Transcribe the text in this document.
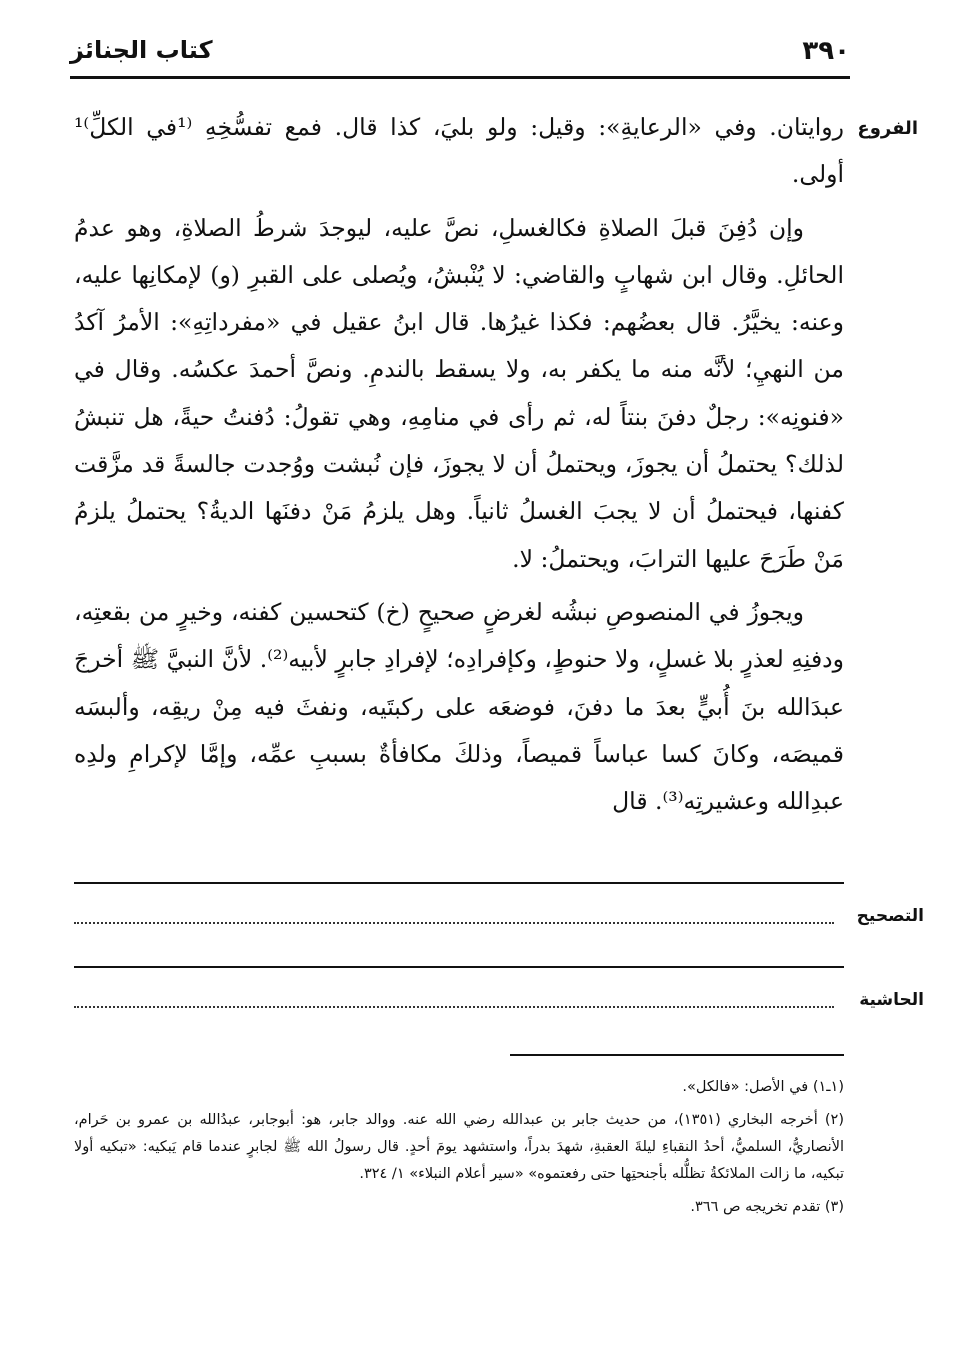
٣٩٠
كتاب الجنائز
الفروع

روايتان. وفي «الرعايةِ»: وقيل: ولو بليَ، كذا قال. فمع تفسُّخِهِ ⁽¹في الكلِّ⁾¹ أولى.

وإن دُفِنَ قبلَ الصلاةِ فكالغسلِ، نصَّ عليه، ليوجدَ شرطُ الصلاةِ، وهو عدمُ الحائلِ. وقال ابن شهابٍ والقاضي: لا يُنْبشُ، ويُصلى على القبرِ (و) لإمكانِها عليه، وعنه: يخيَّرُ. قال بعضُهم: فكذا غيرُها. قال ابنُ عقيل في «مفرداتِهِ»: الأمرُ آكدُ من النهيِ؛ لأنَّه منه ما يكفر به، ولا يسقط بالندمِ. ونصَّ أحمدَ عكسُه. وقال في «فنونِه»: رجلٌ دفنَ بنتاً له، ثم رأى في منامِهِ، وهي تقولُ: دُفنتُ حيةً، هل تنبشُ لذلك؟ يحتملُ أن يجوزَ، ويحتملُ أن لا يجوزَ، فإن نُبشت ووُجدت جالسةً قد مزَّقت كفنها، فيحتملُ أن لا يجبَ الغسلُ ثانياً. وهل يلزمُ مَنْ دفنَها الديةُ؟ يحتملُ يلزمُ مَنْ طَرَحَ عليها الترابَ، ويحتملُ: لا.

ويجوزُ في المنصوصِ نبشُه لغرضٍ صحيحٍ (خ) كتحسين كفنه، وخيرٍ من بقعتِه، ودفنِهِ لعذرٍ بلا غسلٍ، ولا حنوطٍ، وكإفرادِه؛ لإفرادِ جابرٍ لأبيه⁽²⁾. لأنَّ النبيَّ ﷺ أخرجَ عبدَالله بنَ أُبيٍّ بعدَ ما دفنَ، فوضعَه على ركبتَيه، ونفثَ فيه مِنْ ريقِه، وألبسَه قميصَه، وكانَ كسا عباساً قميصاً، وذلكَ مكافأةٌ بسببِ عمِّه، وإمَّا لإكرامِ ولدِه عبدِالله وعشيرتِه⁽³⁾. قال

التصحيح
الحاشية

(١ـ١) في الأصل: «فالكل».

(٢) أخرجه البخاري (١٣٥١)، من حديث جابر بن عبدالله رضي الله عنه. ووالد جابر، هو: أبوجابر، عبدُالله بن عمرو بن حَرام، الأنصاريُّ، السلميُّ، أحدُ النقباءِ ليلةَ العقبةِ، شهدَ بدراً، واستشهد يومَ أحدٍ. قال رسولُ الله ﷺ لجابرٍ عندما قام يَبكيه: «تبكيه أولا تبكيه، ما زالت الملائكةُ تظلُّله بأجنحتِها حتى رفعتموه» «سير أعلام النبلاء» ١/ ٣٢٤.

(٣) تقدم تخريجه ص ٣٦٦.
